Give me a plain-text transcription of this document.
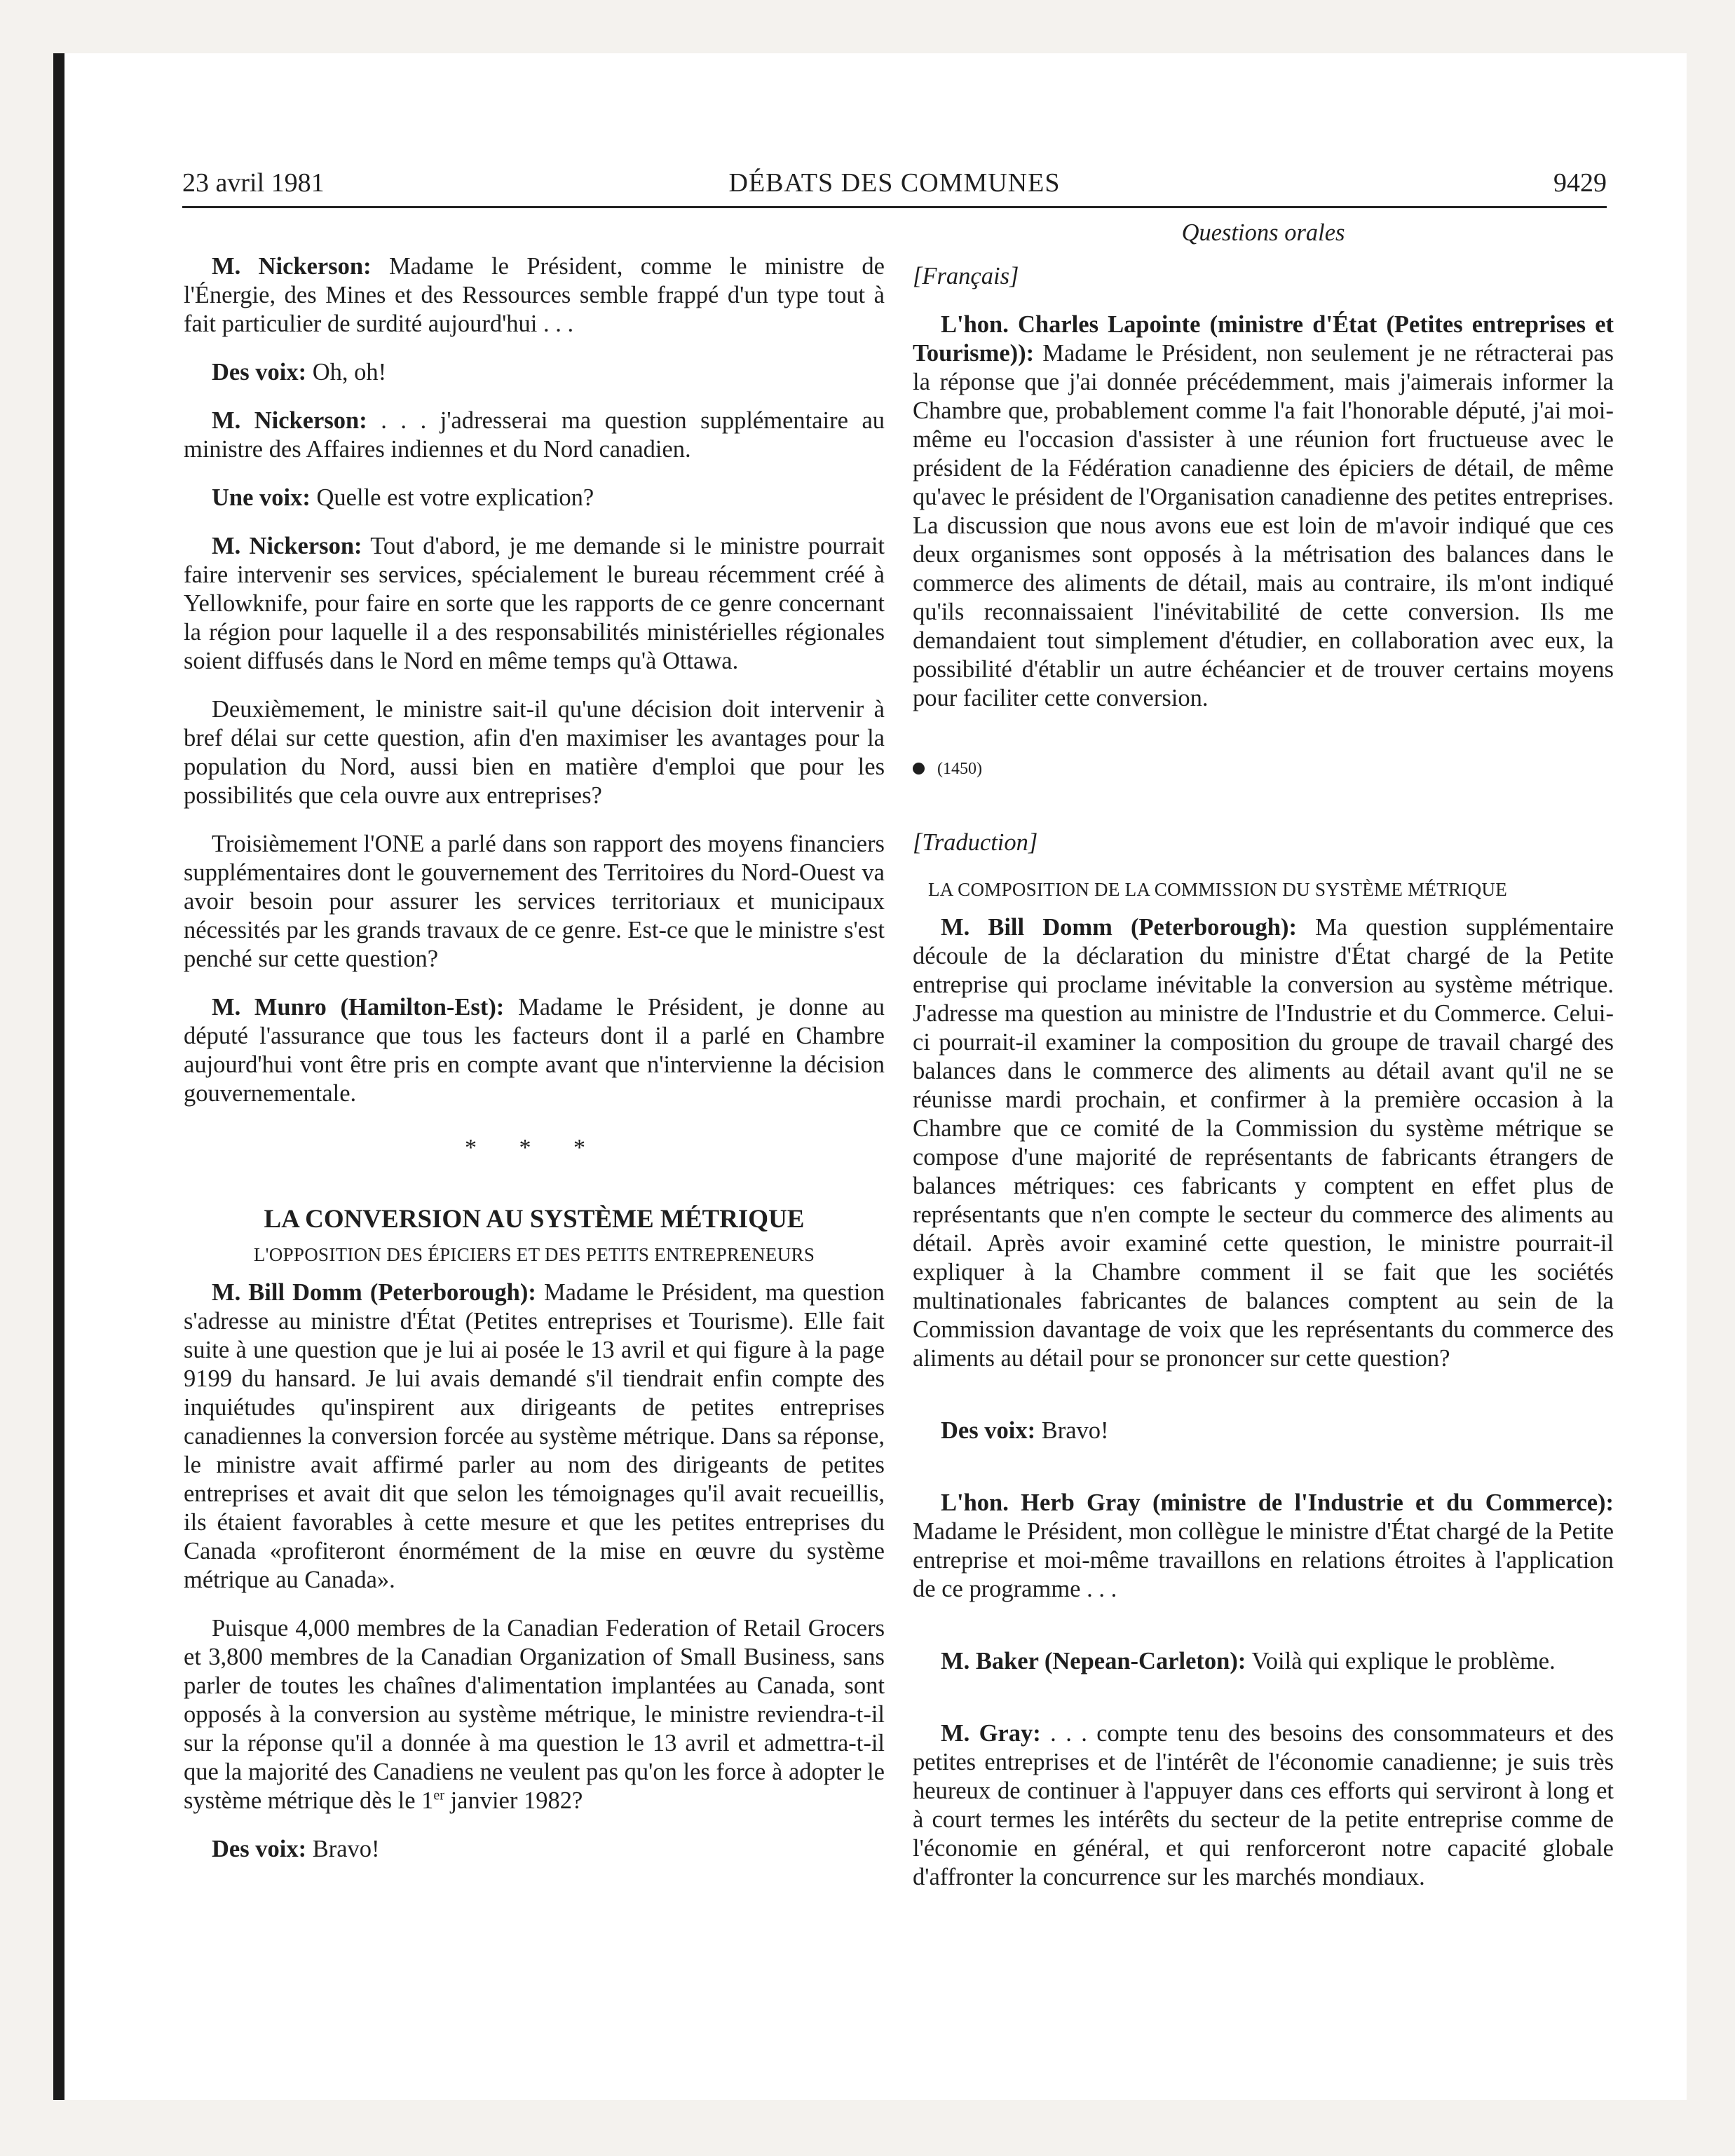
23 avril 1981	DÉBATS DES COMMUNES	9429

M. Nickerson: Madame le Président, comme le ministre de l'Énergie, des Mines et des Ressources semble frappé d'un type tout à fait particulier de surdité aujourd'hui . . .

Des voix: Oh, oh!

M. Nickerson: . . . j'adresserai ma question supplémentaire au ministre des Affaires indiennes et du Nord canadien.

Une voix: Quelle est votre explication?

M. Nickerson: Tout d'abord, je me demande si le ministre pourrait faire intervenir ses services, spécialement le bureau récemment créé à Yellowknife, pour faire en sorte que les rapports de ce genre concernant la région pour laquelle il a des responsabilités ministérielles régionales soient diffusés dans le Nord en même temps qu'à Ottawa.

Deuxièmement, le ministre sait-il qu'une décision doit intervenir à bref délai sur cette question, afin d'en maximiser les avantages pour la population du Nord, aussi bien en matière d'emploi que pour les possibilités que cela ouvre aux entreprises?

Troisièmement l'ONE a parlé dans son rapport des moyens financiers supplémentaires dont le gouvernement des Territoires du Nord-Ouest va avoir besoin pour assurer les services territoriaux et municipaux nécessités par les grands travaux de ce genre. Est-ce que le ministre s'est penché sur cette question?

M. Munro (Hamilton-Est): Madame le Président, je donne au député l'assurance que tous les facteurs dont il a parlé en Chambre aujourd'hui vont être pris en compte avant que n'intervienne la décision gouvernementale.

* * *
LA CONVERSION AU SYSTÈME MÉTRIQUE
L'OPPOSITION DES ÉPICIERS ET DES PETITS ENTREPRENEURS

M. Bill Domm (Peterborough): Madame le Président, ma question s'adresse au ministre d'État (Petites entreprises et Tourisme). Elle fait suite à une question que je lui ai posée le 13 avril et qui figure à la page 9199 du hansard. Je lui avais demandé s'il tiendrait enfin compte des inquiétudes qu'inspirent aux dirigeants de petites entreprises canadiennes la conversion forcée au système métrique. Dans sa réponse, le ministre avait affirmé parler au nom des dirigeants de petites entreprises et avait dit que selon les témoignages qu'il avait recueillis, ils étaient favorables à cette mesure et que les petites entreprises du Canada «profiteront énormément de la mise en œuvre du système métrique au Canada».

Puisque 4,000 membres de la Canadian Federation of Retail Grocers et 3,800 membres de la Canadian Organization of Small Business, sans parler de toutes les chaînes d'alimentation implantées au Canada, sont opposés à la conversion au système métrique, le ministre reviendra-t-il sur la réponse qu'il a donnée à ma question le 13 avril et admettra-t-il que la majorité des Canadiens ne veulent pas qu'on les force à adopter le système métrique dès le 1er janvier 1982?

Des voix: Bravo!

Questions orales

[Français]

L'hon. Charles Lapointe (ministre d'État (Petites entreprises et Tourisme)): Madame le Président, non seulement je ne rétracterai pas la réponse que j'ai donnée précédemment, mais j'aimerais informer la Chambre que, probablement comme l'a fait l'honorable député, j'ai moi-même eu l'occasion d'assister à une réunion fort fructueuse avec le président de la Fédération canadienne des épiciers de détail, de même qu'avec le président de l'Organisation canadienne des petites entreprises. La discussion que nous avons eue est loin de m'avoir indiqué que ces deux organismes sont opposés à la métrisation des balances dans le commerce des aliments de détail, mais au contraire, ils m'ont indiqué qu'ils reconnaissaient l'inévitabilité de cette conversion. Ils me demandaient tout simplement d'étudier, en collaboration avec eux, la possibilité d'établir un autre échéancier et de trouver certains moyens pour faciliter cette conversion.

(1450)

[Traduction]

LA COMPOSITION DE LA COMMISSION DU SYSTÈME MÉTRIQUE

M. Bill Domm (Peterborough): Ma question supplémentaire découle de la déclaration du ministre d'État chargé de la Petite entreprise qui proclame inévitable la conversion au système métrique. J'adresse ma question au ministre de l'Industrie et du Commerce. Celui-ci pourrait-il examiner la composition du groupe de travail chargé des balances dans le commerce des aliments au détail avant qu'il ne se réunisse mardi prochain, et confirmer à la première occasion à la Chambre que ce comité de la Commission du système métrique se compose d'une majorité de représentants de fabricants étrangers de balances métriques: ces fabricants y comptent en effet plus de représentants que n'en compte le secteur du commerce des aliments au détail. Après avoir examiné cette question, le ministre pourrait-il expliquer à la Chambre comment il se fait que les sociétés multinationales fabricantes de balances comptent au sein de la Commission davantage de voix que les représentants du commerce des aliments au détail pour se prononcer sur cette question?

Des voix: Bravo!

L'hon. Herb Gray (ministre de l'Industrie et du Commerce): Madame le Président, mon collègue le ministre d'État chargé de la Petite entreprise et moi-même travaillons en relations étroites à l'application de ce programme . . .

M. Baker (Nepean-Carleton): Voilà qui explique le problème.

M. Gray: . . . compte tenu des besoins des consommateurs et des petites entreprises et de l'intérêt de l'économie canadienne; je suis très heureux de continuer à l'appuyer dans ces efforts qui serviront à long et à court termes les intérêts du secteur de la petite entreprise comme de l'économie en général, et qui renforceront notre capacité globale d'affronter la concurrence sur les marchés mondiaux.
